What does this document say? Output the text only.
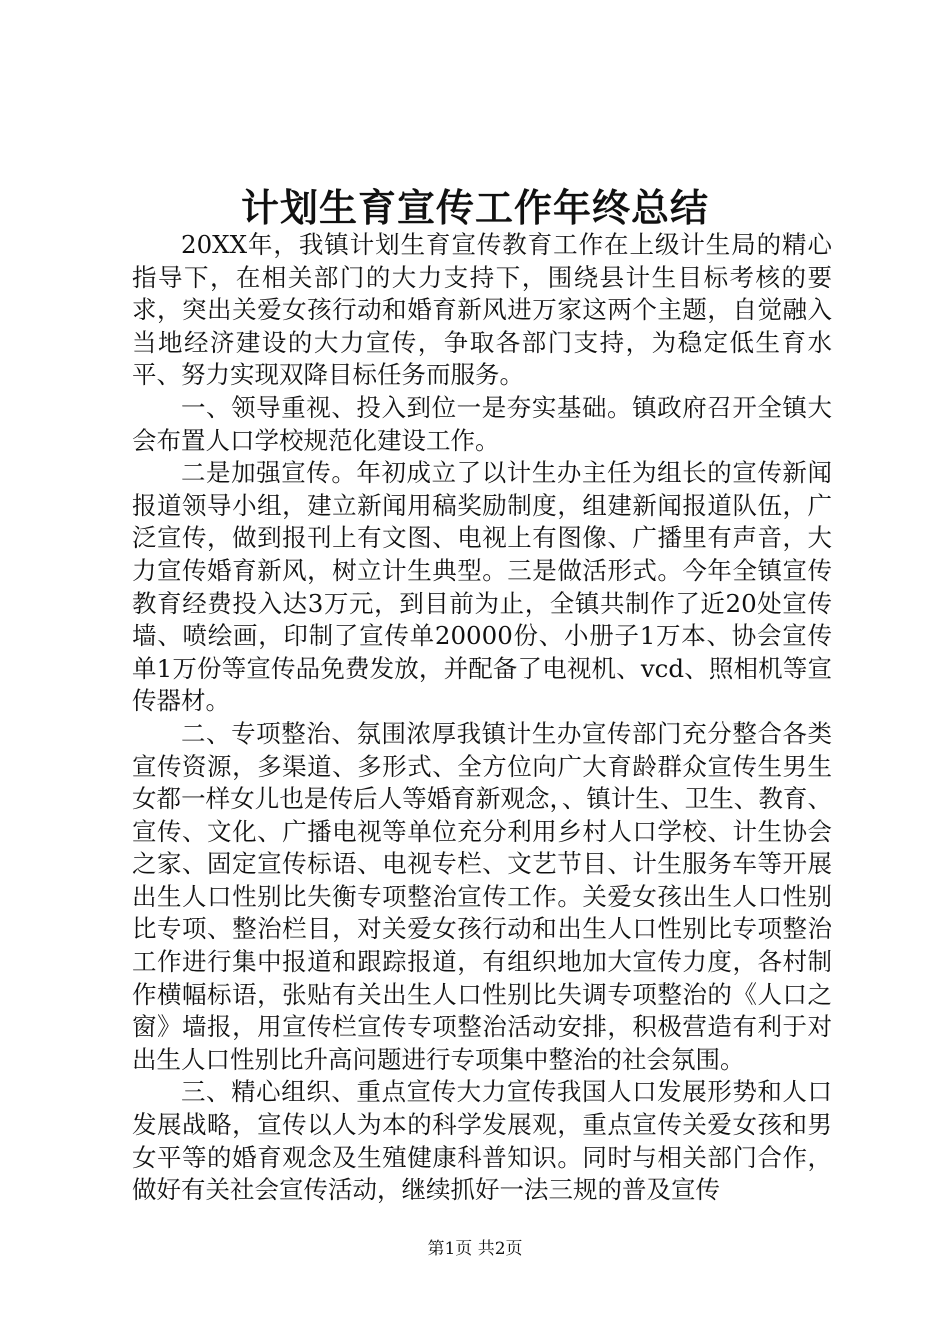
计划生育宣传工作年终总结

20XX年，我镇计划生育宣传教育工作在上级计生局的精心指导下，在相关部门的大力支持下，围绕县计生目标考核的要求，突出关爱女孩行动和婚育新风进万家这两个主题，自觉融入当地经济建设的大力宣传，争取各部门支持，为稳定低生育水平、努力实现双降目标任务而服务。

一、领导重视、投入到位一是夯实基础。镇政府召开全镇大会布置人口学校规范化建设工作。

二是加强宣传。年初成立了以计生办主任为组长的宣传新闻报道领导小组，建立新闻用稿奖励制度，组建新闻报道队伍，广泛宣传，做到报刊上有文图、电视上有图像、广播里有声音，大力宣传婚育新风，树立计生典型。三是做活形式。今年全镇宣传教育经费投入达3万元，到目前为止，全镇共制作了近20处宣传墙、喷绘画，印制了宣传单20000份、小册子1万本、协会宣传单1万份等宣传品免费发放，并配备了电视机、vcd、照相机等宣传器材。

二、专项整治、氛围浓厚我镇计生办宣传部门充分整合各类宣传资源，多渠道、多形式、全方位向广大育龄群众宣传生男生女都一样女儿也是传后人等婚育新观念，、镇计生、卫生、教育、宣传、文化、广播电视等单位充分利用乡村人口学校、计生协会之家、固定宣传标语、电视专栏、文艺节目、计生服务车等开展出生人口性别比失衡专项整治宣传工作。关爱女孩出生人口性别比专项、整治栏目，对关爱女孩行动和出生人口性别比专项整治工作进行集中报道和跟踪报道，有组织地加大宣传力度，各村制作横幅标语，张贴有关出生人口性别比失调专项整治的《人口之窗》墙报，用宣传栏宣传专项整治活动安排，积极营造有利于对出生人口性别比升高问题进行专项集中整治的社会氛围。

三、精心组织、重点宣传大力宣传我国人口发展形势和人口发展战略，宣传以人为本的科学发展观，重点宣传关爱女孩和男女平等的婚育观念及生殖健康科普知识。同时与相关部门合作，做好有关社会宣传活动，继续抓好一法三规的普及宣传

第1页 共2页
